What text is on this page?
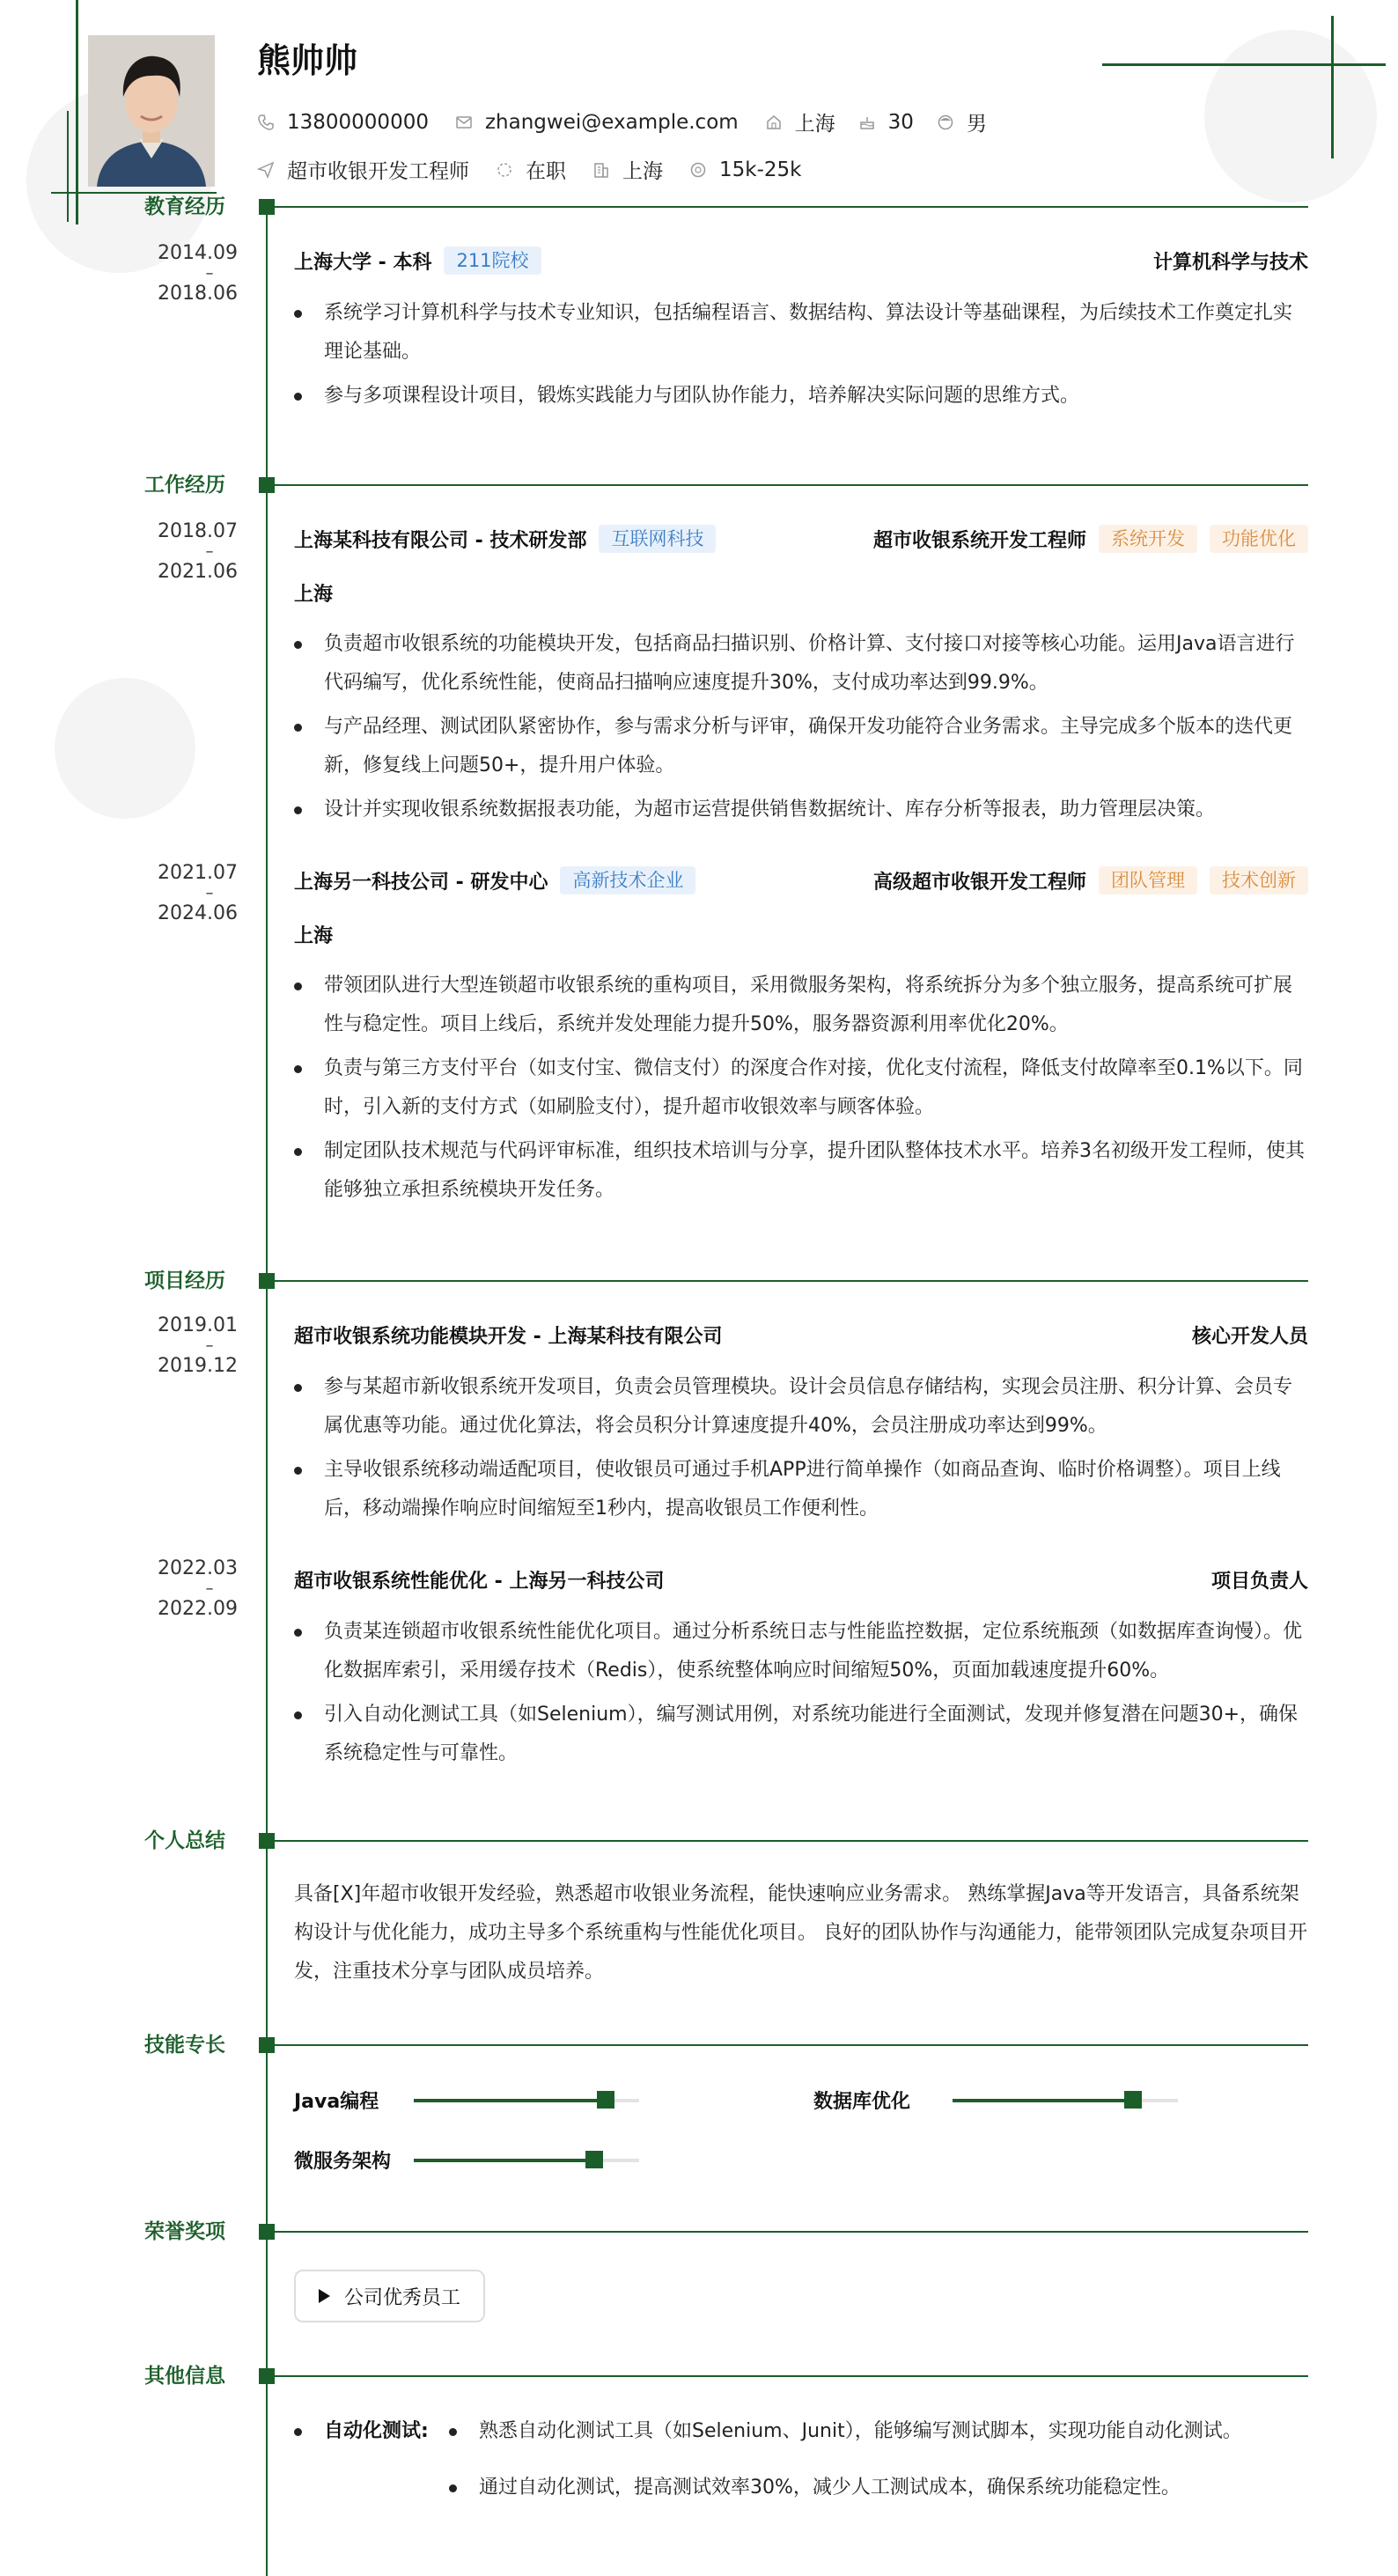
熊帅帅
13800000000	zhangwei@example.com	上海	30	男
超市收银开发工程师	在职	上海	15k-25k
教育经历
2014.09
–
2018.06
上海大学 - 本科	211院校	计算机科学与技术
系统学习计算机科学与技术专业知识，包括编程语言、数据结构、算法设计等基础课程，为后续技术工作奠定扎实理论基础。
参与多项课程设计项目，锻炼实践能力与团队协作能力，培养解决实际问题的思维方式。
工作经历
2018.07
–
2021.06
上海某科技有限公司 - 技术研发部	互联网科技	超市收银系统开发工程师	系统开发	功能优化
上海
负责超市收银系统的功能模块开发，包括商品扫描识别、价格计算、支付接口对接等核心功能。运用Java语言进行代码编写，优化系统性能，使商品扫描响应速度提升30%，支付成功率达到99.9%。
与产品经理、测试团队紧密协作，参与需求分析与评审，确保开发功能符合业务需求。主导完成多个版本的迭代更新，修复线上问题50+，提升用户体验。
设计并实现收银系统数据报表功能，为超市运营提供销售数据统计、库存分析等报表，助力管理层决策。
2021.07
–
2024.06
上海另一科技公司 - 研发中心	高新技术企业	高级超市收银开发工程师	团队管理	技术创新
上海
带领团队进行大型连锁超市收银系统的重构项目，采用微服务架构，将系统拆分为多个独立服务，提高系统可扩展性与稳定性。项目上线后，系统并发处理能力提升50%，服务器资源利用率优化20%。
负责与第三方支付平台（如支付宝、微信支付）的深度合作对接，优化支付流程，降低支付故障率至0.1%以下。同时，引入新的支付方式（如刷脸支付），提升超市收银效率与顾客体验。
制定团队技术规范与代码评审标准，组织技术培训与分享，提升团队整体技术水平。培养3名初级开发工程师，使其能够独立承担系统模块开发任务。
项目经历
2019.01
–
2019.12
超市收银系统功能模块开发 - 上海某科技有限公司	核心开发人员
参与某超市新收银系统开发项目，负责会员管理模块。设计会员信息存储结构，实现会员注册、积分计算、会员专属优惠等功能。通过优化算法，将会员积分计算速度提升40%，会员注册成功率达到99%。
主导收银系统移动端适配项目，使收银员可通过手机APP进行简单操作（如商品查询、临时价格调整）。项目上线后，移动端操作响应时间缩短至1秒内，提高收银员工作便利性。
2022.03
–
2022.09
超市收银系统性能优化 - 上海另一科技公司	项目负责人
负责某连锁超市收银系统性能优化项目。通过分析系统日志与性能监控数据，定位系统瓶颈（如数据库查询慢）。优化数据库索引，采用缓存技术（Redis），使系统整体响应时间缩短50%，页面加载速度提升60%。
引入自动化测试工具（如Selenium），编写测试用例，对系统功能进行全面测试，发现并修复潜在问题30+，确保系统稳定性与可靠性。
个人总结
具备[X]年超市收银开发经验，熟悉超市收银业务流程，能快速响应业务需求。 熟练掌握Java等开发语言，具备系统架构设计与优化能力，成功主导多个系统重构与性能优化项目。 良好的团队协作与沟通能力，能带领团队完成复杂项目开发，注重技术分享与团队成员培养。
技能专长
Java编程	数据库优化
微服务架构
荣誉奖项
公司优秀员工
其他信息
自动化测试:	熟悉自动化测试工具（如Selenium、Junit），能够编写测试脚本，实现功能自动化测试。
通过自动化测试，提高测试效率30%，减少人工测试成本，确保系统功能稳定性。
